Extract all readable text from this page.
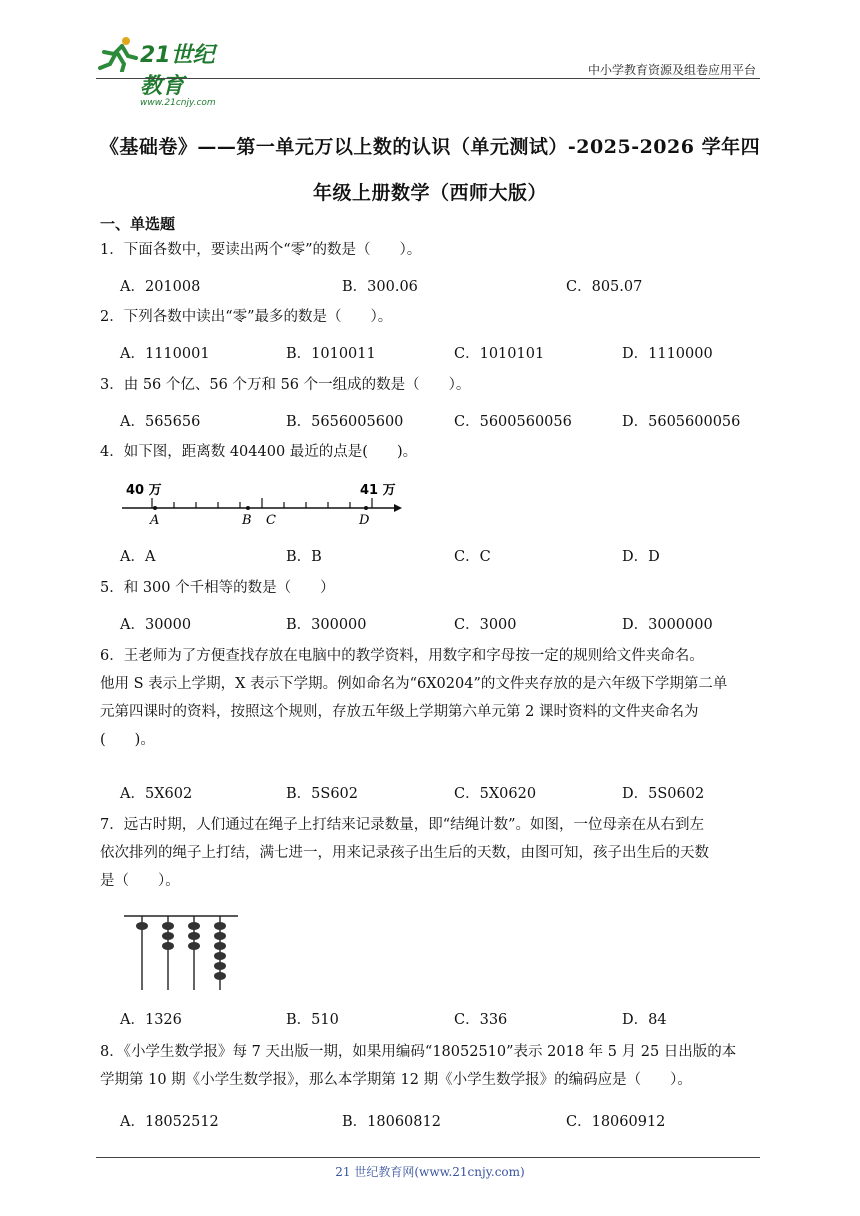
21世纪教育
www.21cnjy.com
中小学教育资源及组卷应用平台
《基础卷》——第一单元万以上数的认识（单元测试）-2025-2026 学年四
年级上册数学（西师大版）
一、单选题
1．下面各数中，要读出两个“零”的数是（　　）。
A．201008	B．300.06	C．805.07
2．下列各数中读出“零”最多的数是（　　）。
A．1110001	B．1010011	C．1010101	D．1110000
3．由 56 个亿、56 个万和 56 个一组成的数是（　　）。
A．565656	B．5656005600	C．5600560056	D．5605600056
4．如下图，距离数 404400 最近的点是(　　)。
40 万	41 万
A	B C	D
A．A	B．B	C．C	D．D
5．和 300 个千相等的数是（　　）
A．30000	B．300000	C．3000	D．3000000
6．王老师为了方便查找存放在电脑中的教学资料，用数字和字母按一定的规则给文件夹命名。
他用 S 表示上学期，X 表示下学期。例如命名为“6X0204”的文件夹存放的是六年级下学期第二单
元第四课时的资料，按照这个规则，存放五年级上学期第六单元第 2 课时资料的文件夹命名为
(　　)。
A．5X602	B．5S602	C．5X0620	D．5S0602
7．远古时期，人们通过在绳子上打结来记录数量，即“结绳计数”。如图，一位母亲在从右到左
依次排列的绳子上打结，满七进一，用来记录孩子出生后的天数，由图可知，孩子出生后的天数
是（　　）。
A．1326	B．510	C．336	D．84
8．《小学生数学报》每 7 天出版一期，如果用编码“18052510”表示 2018 年 5 月 25 日出版的本
学期第 10 期《小学生数学报》，那么本学期第 12 期《小学生数学报》的编码应是（　　）。
A．18052512	B．18060812	C．18060912
21 世纪教育网(www.21cnjy.com)
